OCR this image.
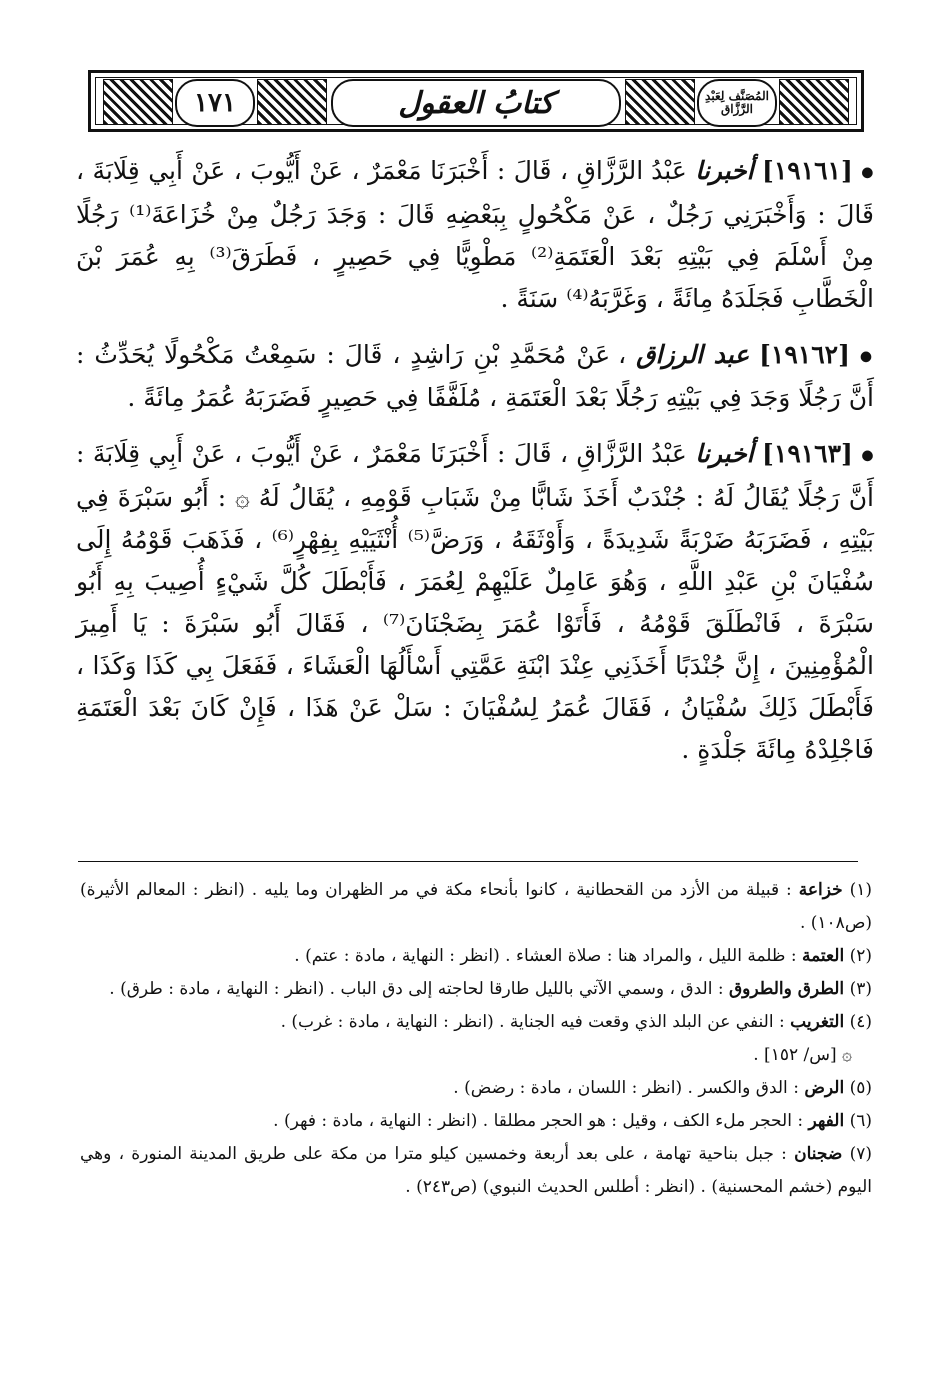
١٧١	كتابُ العقول	المُصَنَّف لِعَبْدِ الرَّزَّاق

● [١٩١٦١] أخبرنا عَبْدُ الرَّزَّاقِ ، قَالَ : أَخْبَرَنَا مَعْمَرٌ ، عَنْ أَيُّوبَ ، عَنْ أَبِي قِلَابَةَ ، قَالَ : وَأَخْبَرَنِي رَجُلٌ ، عَنْ مَكْحُولٍ بِبَعْضِهِ قَالَ : وَجَدَ رَجُلٌ مِنْ خُزَاعَةَ⁽¹⁾ رَجُلًا مِنْ أَسْلَمَ فِي بَيْتِهِ بَعْدَ الْعَتَمَةِ⁽²⁾ مَطْوِيًّا فِي حَصِيرٍ ، فَطَرَقَ⁽³⁾ بِهِ عُمَرَ بْنَ الْخَطَّابِ فَجَلَدَهُ مِائَةً ، وَغَرَّبَهُ⁽⁴⁾ سَنَةً .

● [١٩١٦٢] عبد الرزاق ، عَنْ مُحَمَّدِ بْنِ رَاشِدٍ ، قَالَ : سَمِعْتُ مَكْحُولًا يُحَدِّثُ : أَنَّ رَجُلًا وَجَدَ فِي بَيْتِهِ رَجُلًا بَعْدَ الْعَتَمَةِ ، مُلَفَّفًا فِي حَصِيرٍ فَضَرَبَهُ عُمَرُ مِائَةً .

● [١٩١٦٣] أخبرنا عَبْدُ الرَّزَّاقِ ، قَالَ : أَخْبَرَنَا مَعْمَرٌ ، عَنْ أَيُّوبَ ، عَنْ أَبِي قِلَابَةَ : أَنَّ رَجُلًا يُقَالُ لَهُ : جُنْدَبٌ أَخَذَ شَابًّا مِنْ شَبَابِ قَوْمِهِ ، يُقَالُ لَهُ ۞ : أَبُو سَبْرَةَ فِي بَيْتِهِ ، فَضَرَبَهُ ضَرْبَةً شَدِيدَةً ، وَأَوْثَقَهُ ، وَرَضَّ⁽⁵⁾ أُنْثَيَيْهِ بِفِهْرٍ⁽⁶⁾ ، فَذَهَبَ قَوْمُهُ إِلَى سُفْيَانَ بْنِ عَبْدِ اللَّهِ ، وَهُوَ عَامِلٌ عَلَيْهِمْ لِعُمَرَ ، فَأَبْطَلَ كُلَّ شَيْءٍ أُصِيبَ بِهِ أَبُو سَبْرَةَ ، فَانْطَلَقَ قَوْمُهُ ، فَأَتَوْا عُمَرَ بِضَجْنَانَ⁽⁷⁾ ، فَقَالَ أَبُو سَبْرَةَ : يَا أَمِيرَ الْمُؤْمِنِينَ ، إِنَّ جُنْدَبًا أَخَذَنِي عِنْدَ ابْنَةِ عَمَّتِي أَسْأَلُهَا الْعَشَاءَ ، فَفَعَلَ بِي كَذَا وَكَذَا ، فَأَبْطَلَ ذَلِكَ سُفْيَانُ ، فَقَالَ عُمَرُ لِسُفْيَانَ : سَلْ عَنْ هَذَا ، فَإِنْ كَانَ بَعْدَ الْعَتَمَةِ فَاجْلِدْهُ مِائَةَ جَلْدَةٍ .

(١) خزاعة : قبيلة من الأزد من القحطانية ، كانوا بأنحاء مكة في مر الظهران وما يليه . (انظر : المعالم الأثيرة) (ص١٠٨) .

(٢) العتمة : ظلمة الليل ، والمراد هنا : صلاة العشاء . (انظر : النهاية ، مادة : عتم) .

(٣) الطرق والطروق : الدق ، وسمي الآتي بالليل طارقا لحاجته إلى دق الباب . (انظر : النهاية ، مادة : طرق) .

(٤) التغريب : النفي عن البلد الذي وقعت فيه الجناية . (انظر : النهاية ، مادة : غرب) .

۞ [س/ ١٥٢] .

(٥) الرض : الدق والكسر . (انظر : اللسان ، مادة : رضض) .

(٦) الفهر : الحجر ملء الكف ، وقيل : هو الحجر مطلقا . (انظر : النهاية ، مادة : فهر) .

(٧) ضجنان : جبل بناحية تهامة ، على بعد أربعة وخمسين كيلو مترا من مكة على طريق المدينة المنورة ، وهي اليوم (خشم المحسنية) . (انظر : أطلس الحديث النبوي) (ص٢٤٣) .
